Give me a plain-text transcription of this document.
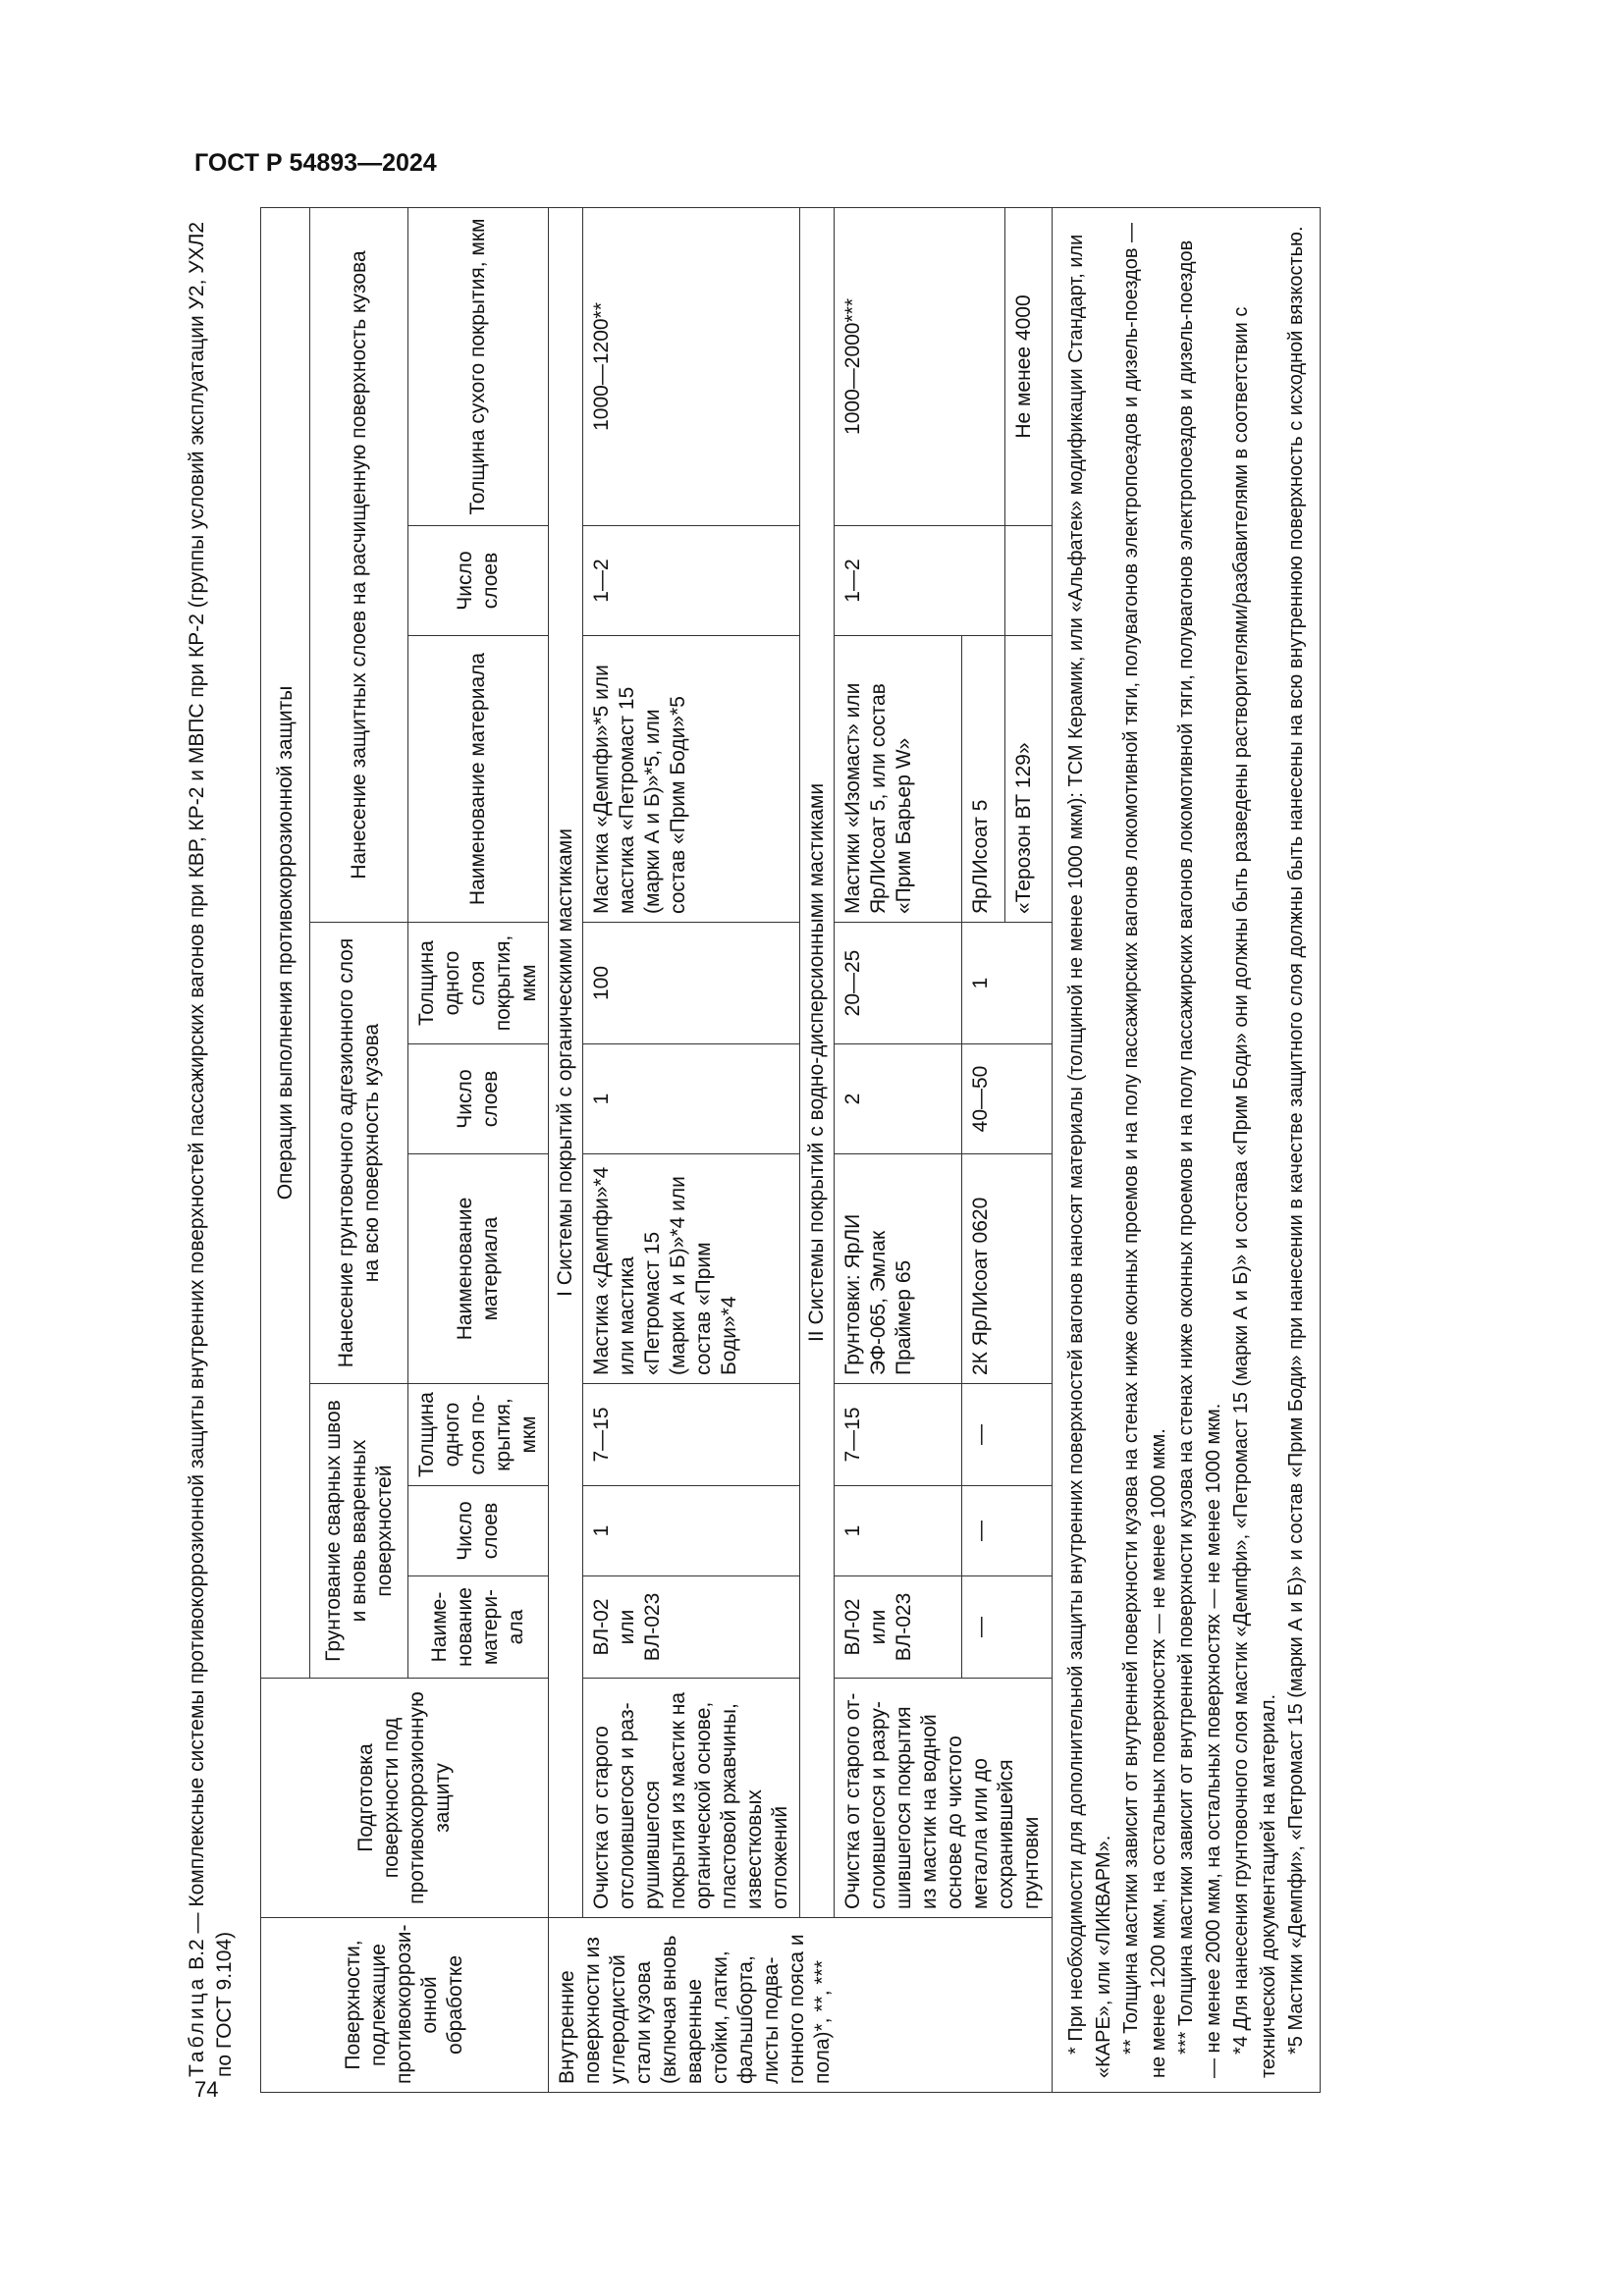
ГОСТ Р 54893—2024
74
Таблица В.2 — Комплексные системы противокоррозионной защиты внутренних поверхностей пассажирских вагонов при КВР, КР-2 и МВПС при КР-2 (группы условий эксплуатации У2, УХЛ2 по ГОСТ 9.104)	Поверхности, подлежащие противокоррозионной обработке	Подготовка поверхности под противокоррозионную защиту	Операции выполнения противокоррозионной защиты								
		Грунтование сварных швов и вновь вваренных поверхностей			Нанесение грунтовочного адгезионного слоя на всю поверхность кузова			Нанесение защитных слоев на расчищенную поверхность кузова		
		Наименование материала	Число слоев	Толщина одного слоя покрытия, мкм	Наименование материала	Число слоев	Толщина одного слоя покрытия, мкм	Наименование материала	Число слоев	Толщина сухого покрытия, мкм
Внутренние поверхности из углеродистой стали кузова (включая вновь вваренные стойки, латки, фальшборта, листы подвагонного пояса и пола)*, **, ***	I Системы покрытий с органическими мастиками									
	Очистка от старого отслоившегося и разрушившегося покрытия из мастик на органической основе, пластовой ржавчины, известковых отложений	ВЛ-02 или ВЛ-023	1	7—15	Мастика «Демпфи»*4 или мастика «Петромаст 15 (марки А и Б)»*4 или состав «Прим Боди»*4	1	100	Мастика «Демпфи»*5 или мастика «Петромаст 15 (марки А и Б)»*5, или состав «Прим Боди»*5	1—2	1000—1200**
	II Системы покрытий с водно-дисперсионными мастиками									
	Очистка от старого отслоившегося и разрушившегося покрытия из мастик на водной основе до чистого металла или до сохранившейся грунтовки	ВЛ-02 или ВЛ-023	1	7—15	Грунтовки: ЯрЛИ ЭФ-065, Эмлак Праймер 65	2	20—25	Мастики «Изомаст» или ЯрЛИсоат 5, или состав «Прим Барьер W»	1—2	1000—2000***
		—	—	—	2К ЯрЛИсоат 0620	40—50	1	ЯрЛИсоат 5		
								«Терозон ВТ 129»		Не менее 4000

* При необходимости для дополнительной защиты внутренних поверхностей вагонов наносят материалы (толщиной не менее 1000 мкм): ТСМ Керамик, или «Альфатек» модификации Стандарт, или «КАРЕ», или «ЛИКВАРМ». ** Толщина мастики зависит от внутренней поверхности кузова на стенах ниже оконных проемов и на полу пассажирских вагонов локомотивной тяги, полувагонов электропоездов и дизель-поездов — не менее 1200 мкм, на остальных поверхностях — не менее 1000 мкм. *** Толщина мастики зависит от внутренней поверхности кузова на стенах ниже оконных проемов и на полу пассажирских вагонов локомотивной тяги, полувагонов электропоездов и дизель-поездов — не менее 2000 мкм, на остальных поверхностях — не менее 1000 мкм. *4 Для нанесения грунтовочного слоя мастик «Демпфи», «Петромаст 15 (марки А и Б)» и состава «Прим Боди» они должны быть разведены растворителями/разбавителями в соответствии с технической документацией на материал. *5 Мастики «Демпфи», «Петромаст 15 (марки А и Б)» и состав «Прим Боди» при нанесении в качестве защитного слоя должны быть нанесены на всю внутреннюю поверхность с исходной вязкостью.										
